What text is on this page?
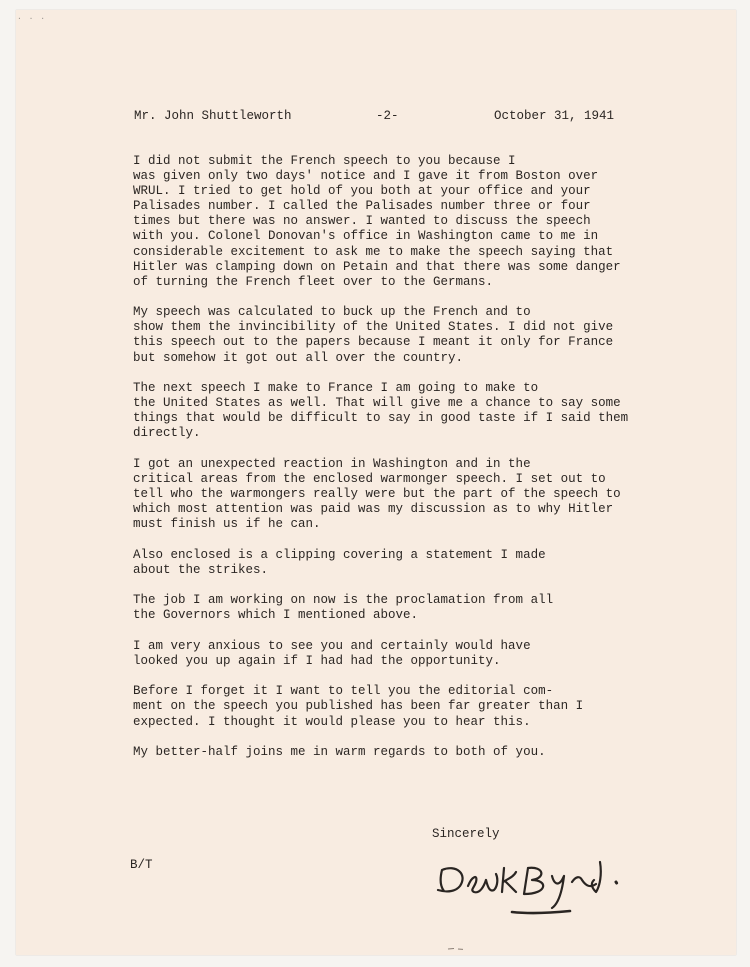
· · ·
Mr. John Shuttleworth	-2-	October 31, 1941

I did not submit the French speech to you because I
was given only two days' notice and I gave it from Boston over
WRUL. I tried to get hold of you both at your office and your
Palisades number. I called the Palisades number three or four
times but there was no answer. I wanted to discuss the speech
with you. Colonel Donovan's office in Washington came to me in
considerable excitement to ask me to make the speech saying that
Hitler was clamping down on Petain and that there was some danger
of turning the French fleet over to the Germans.

My speech was calculated to buck up the French and to
show them the invincibility of the United States. I did not give
this speech out to the papers because I meant it only for France
but somehow it got out all over the country.

The next speech I make to France I am going to make to
the United States as well. That will give me a chance to say some
things that would be difficult to say in good taste if I said them
directly.

I got an unexpected reaction in Washington and in the
critical areas from the enclosed warmonger speech. I set out to
tell who the warmongers really were but the part of the speech to
which most attention was paid was my discussion as to why Hitler
must finish us if he can.

Also enclosed is a clipping covering a statement I made
about the strikes.

The job I am working on now is the proclamation from all
the Governors which I mentioned above.

I am very anxious to see you and certainly would have
looked you up again if I had had the opportunity.

Before I forget it I want to tell you the editorial com-
ment on the speech you published has been far greater than I
expected. I thought it would please you to hear this.

My better-half joins me in warm regards to both of you.

Sincerely
B/T
